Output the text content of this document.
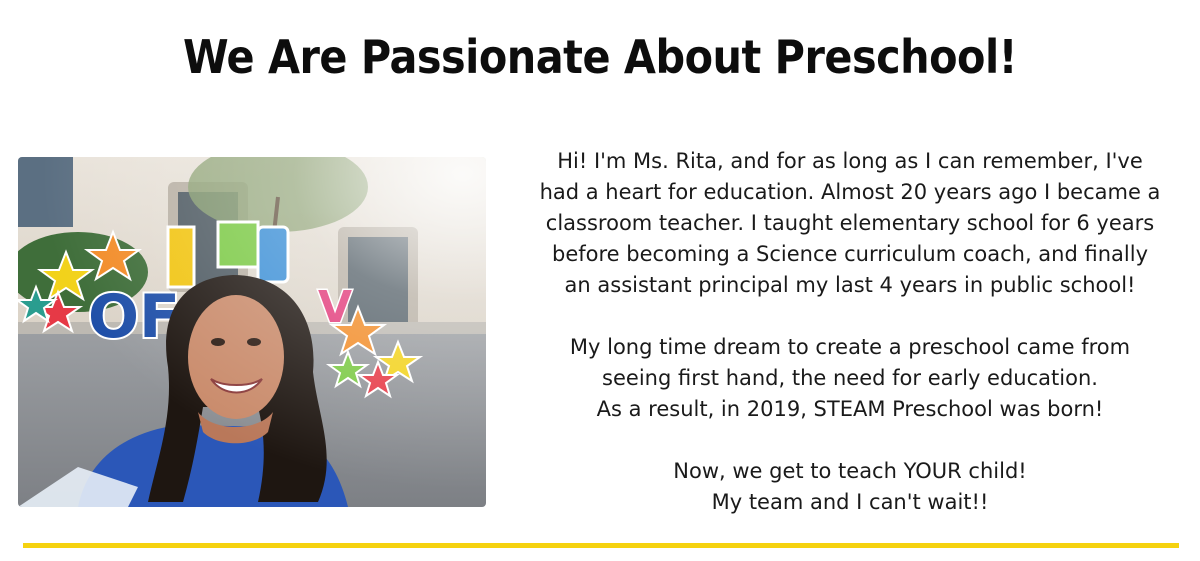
We Are Passionate About Preschool!

Hi! I'm Ms. Rita, and for as long as I can remember, I've
had a heart for education. Almost 20 years ago I became a
classroom teacher. I taught elementary school for 6 years
before becoming a Science curriculum coach, and finally
an assistant principal my last 4 years in public school!

My long time dream to create a preschool came from
seeing first hand, the need for early education.
As a result, in 2019, STEAM Preschool was born!

Now, we get to teach YOUR child!
My team and I can't wait!!
